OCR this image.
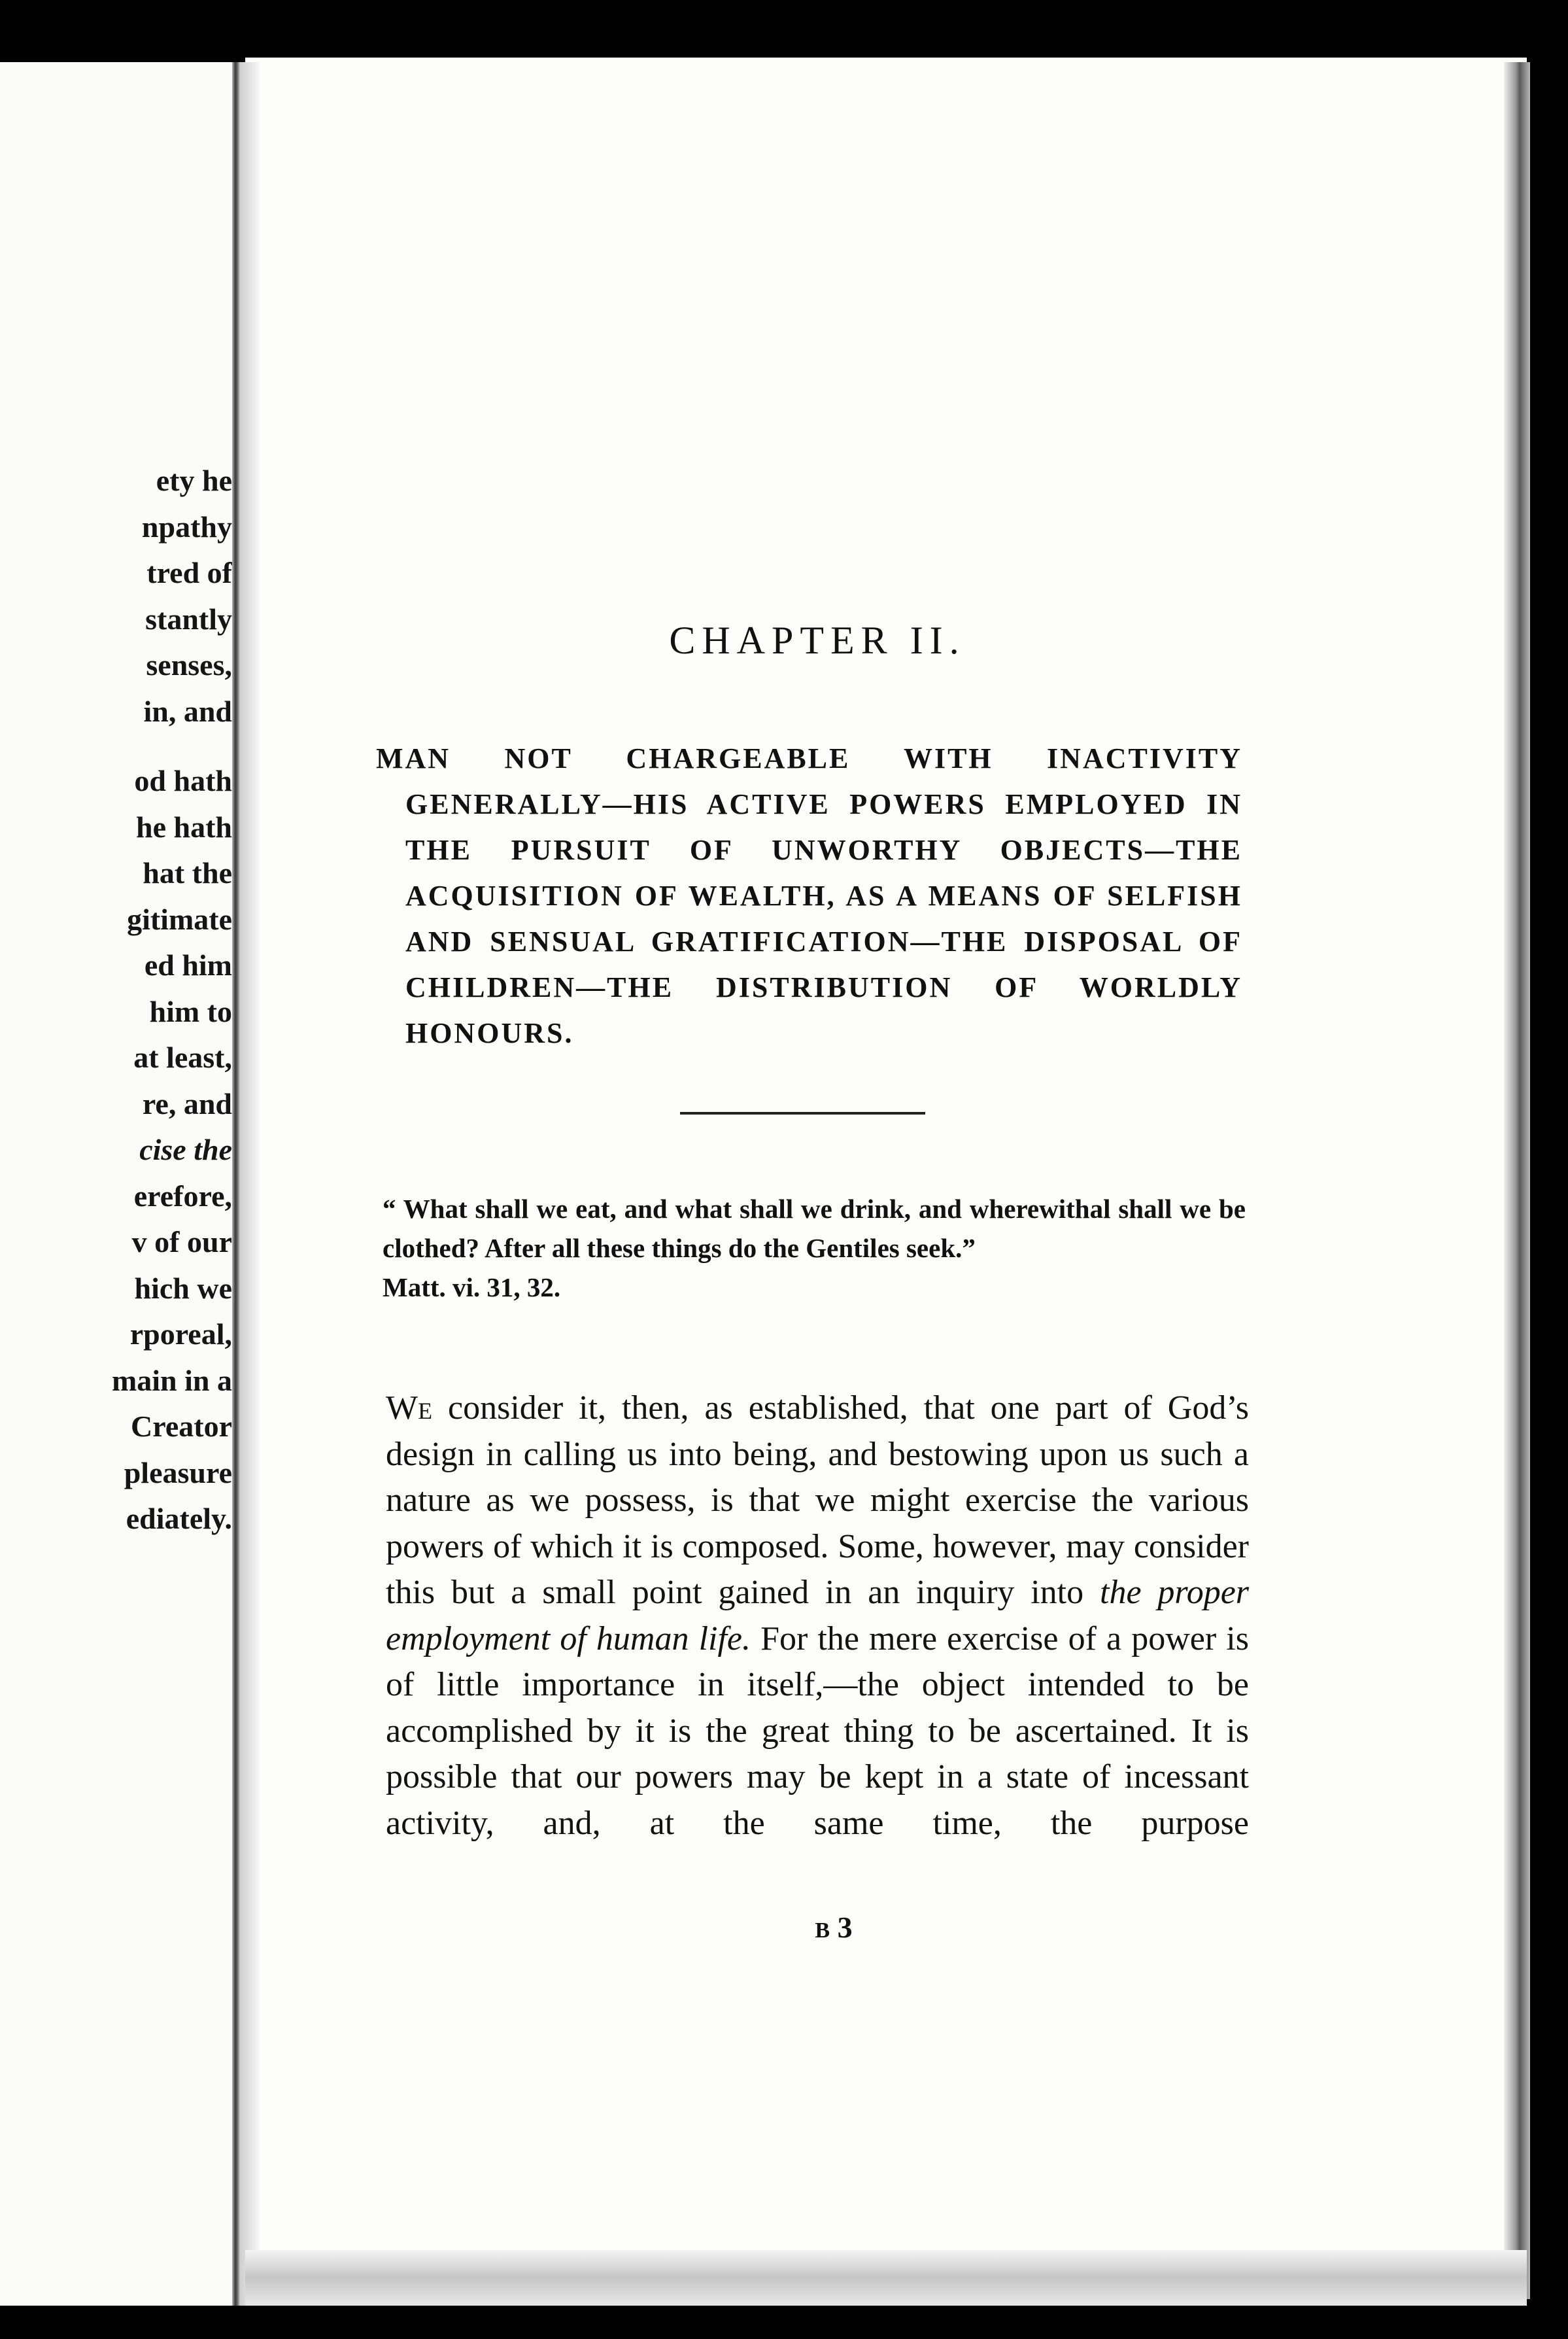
ety he
npathy
tred of
stantly
senses,
in, and
od hath
he hath
hat the
gitimate
ed him
him to
at least,
re, and
cise the
erefore,
v of our
hich we
rporeal,
main in a
Creator
pleasure
ediately.
CHAPTER II.

MAN NOT CHARGEABLE WITH INACTIVITY GENERALLY—HIS ACTIVE POWERS EMPLOYED IN THE PURSUIT OF UNWORTHY OBJECTS—THE ACQUISITION OF WEALTH, AS A MEANS OF SELFISH AND SENSUAL GRATIFICATION—THE DISPOSAL OF CHILDREN—THE DISTRIBUTION OF WORLDLY HONOURS.

“ What shall we eat, and what shall we drink, and wherewithal shall we be clothed? After all these things do the Gentiles seek.”
Matt. vi. 31, 32.

We consider it, then, as established, that one part of God’s design in calling us into being, and bestowing upon us such a nature as we possess, is that we might exercise the various powers of which it is composed. Some, however, may consider this but a small point gained in an inquiry into the proper employment of human life. For the mere exercise of a power is of little importance in itself,—the object intended to be accomplished by it is the great thing to be ascertained. It is possible that our powers may be kept in a state of incessant activity, and, at the same time, the purpose

B 3
